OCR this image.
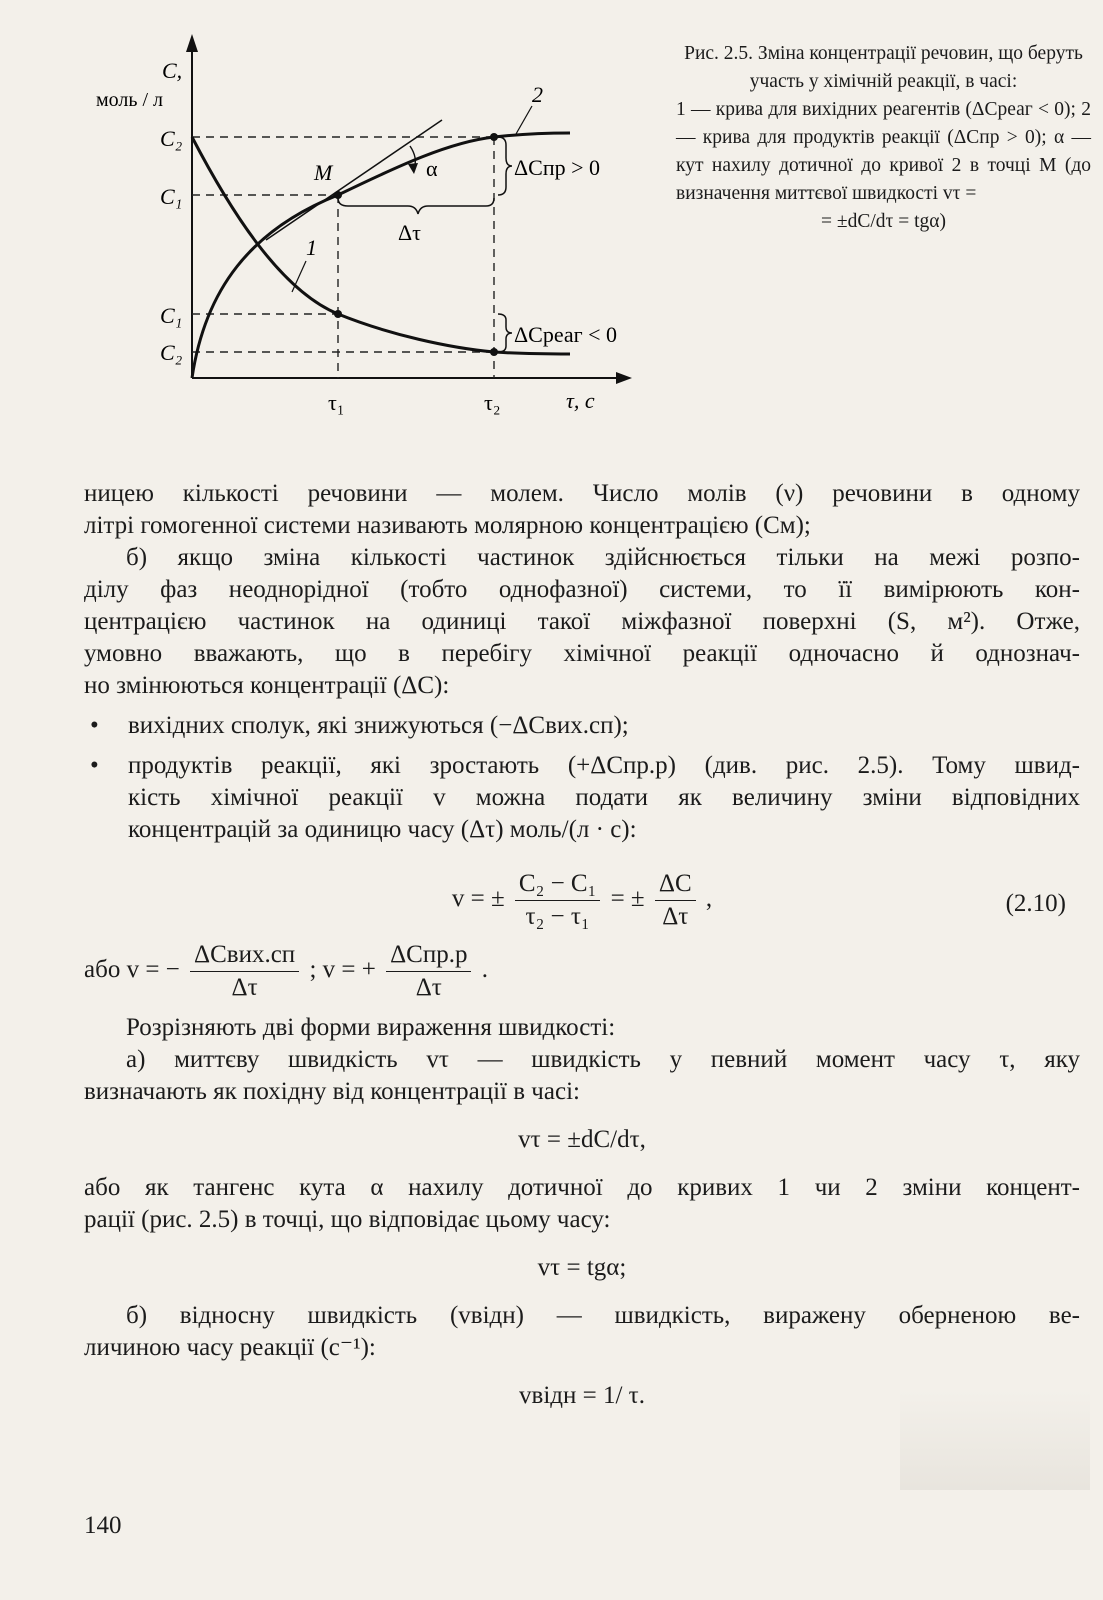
C,
моль / л
C₂
C₁
C₁
C₂
τ₁	τ₂	τ, c
M	α
2
1
Δτ
ΔCпр > 0
ΔCреаг < 0
Рис. 2.5. Зміна концентрації речовин, що беруть участь у хімічній реакції, в часі:
1 — крива для вихідних реагентів (ΔCреаг < 0); 2 — крива для продуктів реакції (ΔCпр > 0); α — кут нахилу дотичної до кривої 2 в точці M (до визначення миттєвої швидкості vτ =
= ±dC/dτ = tgα)

ницею кількості речовини — молем. Число молів (ν) речовини в одному

літрі гомогенної системи називають молярною концентрацією (Cм);

б) якщо зміна кількості частинок здійснюється тільки на межі розпо-

ділу фаз неоднорідної (тобто однофазної) системи, то її вимірюють кон-

центрацією частинок на одиниці такої міжфазної поверхні (S, м²). Отже,

умовно вважають, що в перебігу хімічної реакції одночасно й однознач-

но змінюються концентрації (ΔC):

• вихідних сполук, які знижуються (−ΔCвих.сп);
• продуктів реакції, які зростають (+ΔCпр.р) (див. рис. 2.5). Тому швид-

кість хімічної реакції v можна подати як величину зміни відповідних

концентрацій за одиницю часу (Δτ) моль/(л · с):

v = ± $\frac{\text{C₂ − C₁}}{\text{τ₂ − τ₁}}$ = ± $\frac{\Delta C}{\Delta\tau}$ ,	(2.10)
або v = − $\frac{\text{ΔCвих.сп}}{\Delta\tau}$ ; v = + $\frac{\text{ΔCпр.р}}{\Delta\tau}$ .

Розрізняють дві форми вираження швидкості:

а) миттєву швидкість vτ — швидкість у певний момент часу τ, яку

визначають як похідну від концентрації в часі:

vτ = ±dC/dτ,

або як тангенс кута α нахилу дотичної до кривих 1 чи 2 зміни концент-

рації (рис. 2.5) в точці, що відповідає цьому часу:

vτ = tgα;

б) відносну швидкість (vвідн) — швидкість, виражену оберненою ве-

личиною часу реакції (с⁻¹):

vвідн = 1/ τ.

140
